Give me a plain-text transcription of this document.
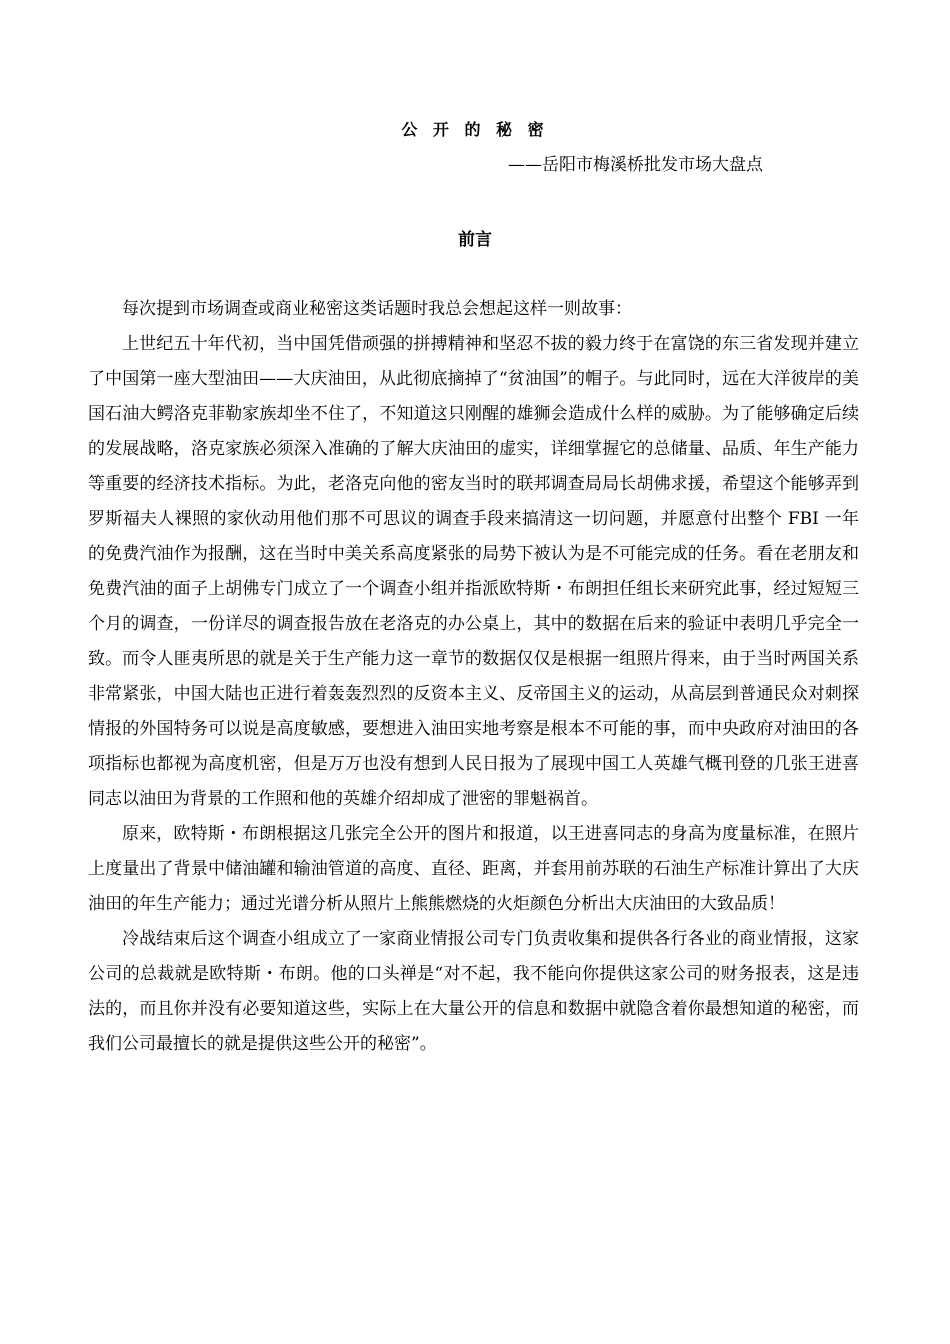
公 开 的 秘 密
——岳阳市梅溪桥批发市场大盘点
前言

每次提到市场调查或商业秘密这类话题时我总会想起这样一则故事：

上世纪五十年代初，当中国凭借顽强的拼搏精神和坚忍不拔的毅力终于在富饶的东三省发现并建立了中国第一座大型油田——大庆油田，从此彻底摘掉了“贫油国”的帽子。与此同时，远在大洋彼岸的美国石油大鳄洛克菲勒家族却坐不住了，不知道这只刚醒的雄狮会造成什么样的威胁。为了能够确定后续的发展战略，洛克家族必须深入准确的了解大庆油田的虚实，详细掌握它的总储量、品质、年生产能力等重要的经济技术指标。为此，老洛克向他的密友当时的联邦调查局局长胡佛求援，希望这个能够弄到罗斯福夫人裸照的家伙动用他们那不可思议的调查手段来搞清这一切问题，并愿意付出整个 FBI 一年的免费汽油作为报酬，这在当时中美关系高度紧张的局势下被认为是不可能完成的任务。看在老朋友和免费汽油的面子上胡佛专门成立了一个调查小组并指派欧特斯・布朗担任组长来研究此事，经过短短三个月的调查，一份详尽的调查报告放在老洛克的办公桌上，其中的数据在后来的验证中表明几乎完全一致。而令人匪夷所思的就是关于生产能力这一章节的数据仅仅是根据一组照片得来，由于当时两国关系非常紧张，中国大陆也正进行着轰轰烈烈的反资本主义、反帝国主义的运动，从高层到普通民众对刺探情报的外国特务可以说是高度敏感，要想进入油田实地考察是根本不可能的事，而中央政府对油田的各项指标也都视为高度机密，但是万万也没有想到人民日报为了展现中国工人英雄气概刊登的几张王进喜同志以油田为背景的工作照和他的英雄介绍却成了泄密的罪魁祸首。

原来，欧特斯・布朗根据这几张完全公开的图片和报道，以王进喜同志的身高为度量标准，在照片上度量出了背景中储油罐和输油管道的高度、直径、距离，并套用前苏联的石油生产标准计算出了大庆油田的年生产能力；通过光谱分析从照片上熊熊燃烧的火炬颜色分析出大庆油田的大致品质！

冷战结束后这个调查小组成立了一家商业情报公司专门负责收集和提供各行各业的商业情报，这家公司的总裁就是欧特斯・布朗。他的口头禅是“对不起，我不能向你提供这家公司的财务报表，这是违法的，而且你并没有必要知道这些，实际上在大量公开的信息和数据中就隐含着你最想知道的秘密，而我们公司最擅长的就是提供这些公开的秘密”。
